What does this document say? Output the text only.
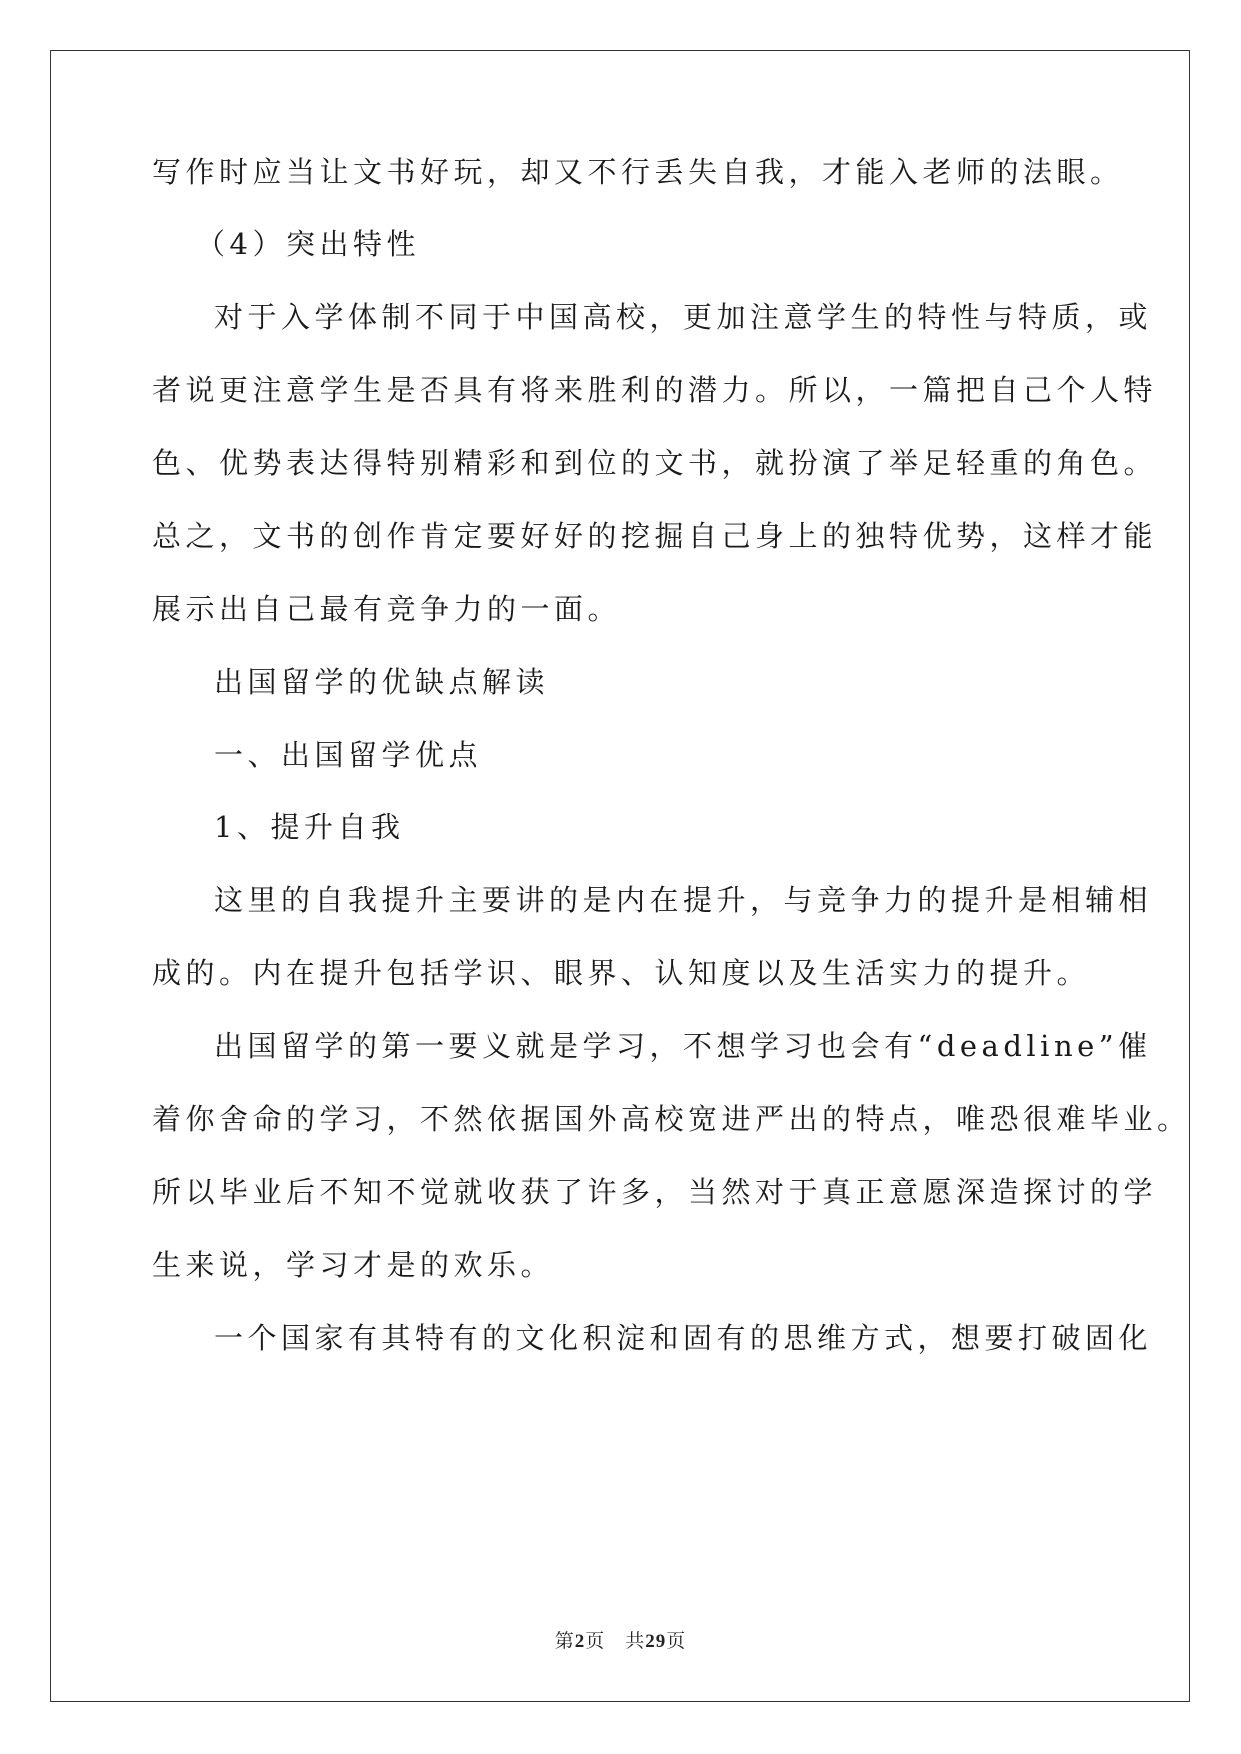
写作时应当让文书好玩，却又不行丢失自我，才能入老师的法眼。
（4）突出特性
对于入学体制不同于中国高校，更加注意学生的特性与特质，或
者说更注意学生是否具有将来胜利的潜力。所以，一篇把自己个人特
色、优势表达得特别精彩和到位的文书，就扮演了举足轻重的角色。
总之，文书的创作肯定要好好的挖掘自己身上的独特优势，这样才能
展示出自己最有竞争力的一面。
出国留学的优缺点解读
一、出国留学优点
1、提升自我
这里的自我提升主要讲的是内在提升，与竞争力的提升是相辅相
成的。内在提升包括学识、眼界、认知度以及生活实力的提升。
出国留学的第一要义就是学习，不想学习也会有“deadline”催
着你舍命的学习，不然依据国外高校宽进严出的特点，唯恐很难毕业。
所以毕业后不知不觉就收获了许多，当然对于真正意愿深造探讨的学
生来说，学习才是的欢乐。
一个国家有其特有的文化积淀和固有的思维方式，想要打破固化
第2页 共29页
